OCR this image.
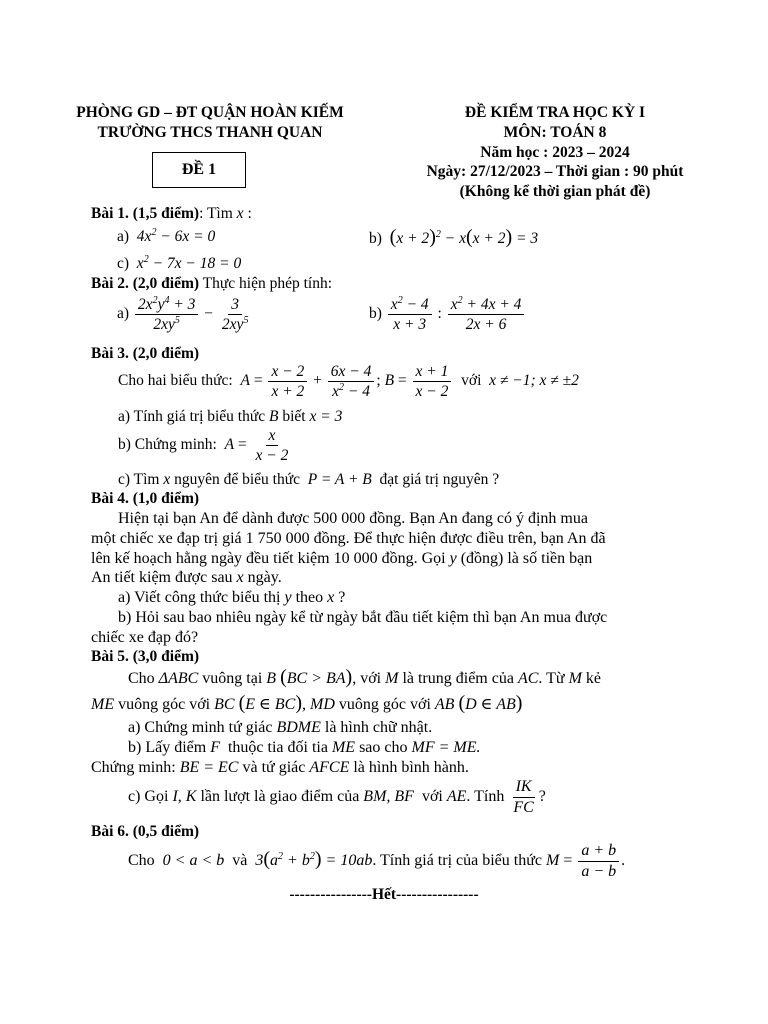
PHÒNG GD – ĐT QUẬN HOÀN KIẾM
TRƯỜNG THCS THANH QUAN
ĐỀ 1
ĐỀ KIỂM TRA HỌC KỲ I
MÔN: TOÁN 8
Năm học : 2023 – 2024
Ngày: 27/12/2023 – Thời gian : 90 phút
(Không kể thời gian phát đề)
Bài 1. (1,5 điểm): Tìm x :
a) $4x^2 - 6x = 0$	b) $(x + 2)^2 - x(x + 2) = 3$
c) $x^2 - 7x - 18 = 0$
Bài 2. (2,0 điểm) Thực hiện phép tính:
$a) \frac{2x^2y^4 + 3}{2xy^5} - \frac{3}{2xy^5}$	$b) \frac{x^2 - 4}{x + 3}$ : $\frac{x^2 + 4x + 4}{2x + 6}$
Bài 3. (2,0 điểm)
Cho hai biểu thức: $A = \frac{x - 2}{x + 2} + \frac{6x - 4}{x^2 - 4}$ ; $B = \frac{x + 1}{x - 2}$ với x ≠ −1; x ≠ ±2
a) Tính giá trị biểu thức B biết x = 3
b) Chứng minh: $A = \frac{x}{x - 2}$
c) Tìm x nguyên để biểu thức P = A + B đạt giá trị nguyên ?
Bài 4. (1,0 điểm)
Hiện tại bạn An để dành được 500 000 đồng. Bạn An đang có ý định mua
một chiếc xe đạp trị giá 1 750 000 đồng. Để thực hiện được điều trên, bạn An đã
lên kế hoạch hằng ngày đều tiết kiệm 10 000 đồng. Gọi y (đồng) là số tiền bạn
An tiết kiệm được sau x ngày.
a) Viết công thức biểu thị y theo x ?
b) Hỏi sau bao nhiêu ngày kể từ ngày bắt đầu tiết kiệm thì bạn An mua được
chiếc xe đạp đó?
Bài 5. (3,0 điểm)
Cho ΔABC vuông tại B (BC > BA), với M là trung điểm của AC. Từ M kẻ
ME vuông góc với BC (E ∈ BC), MD vuông góc với AB (D ∈ AB)
a) Chứng minh tứ giác BDME là hình chữ nhật.
b) Lấy điểm F thuộc tia đối tia ME sao cho MF = ME.
Chứng minh: BE = EC và tứ giác AFCE là hình bình hành.
c) Gọi I, K lần lượt là giao điểm của BM, BF với AE. Tính $\frac{IK}{FC}$ ?
Bài 6. (0,5 điểm)
Cho 0 < a < b và $3(a^2 + b^2) = 10ab$. Tính giá trị của biểu thức $M = \frac{a + b}{a - b}$ .
----------------Hết----------------
